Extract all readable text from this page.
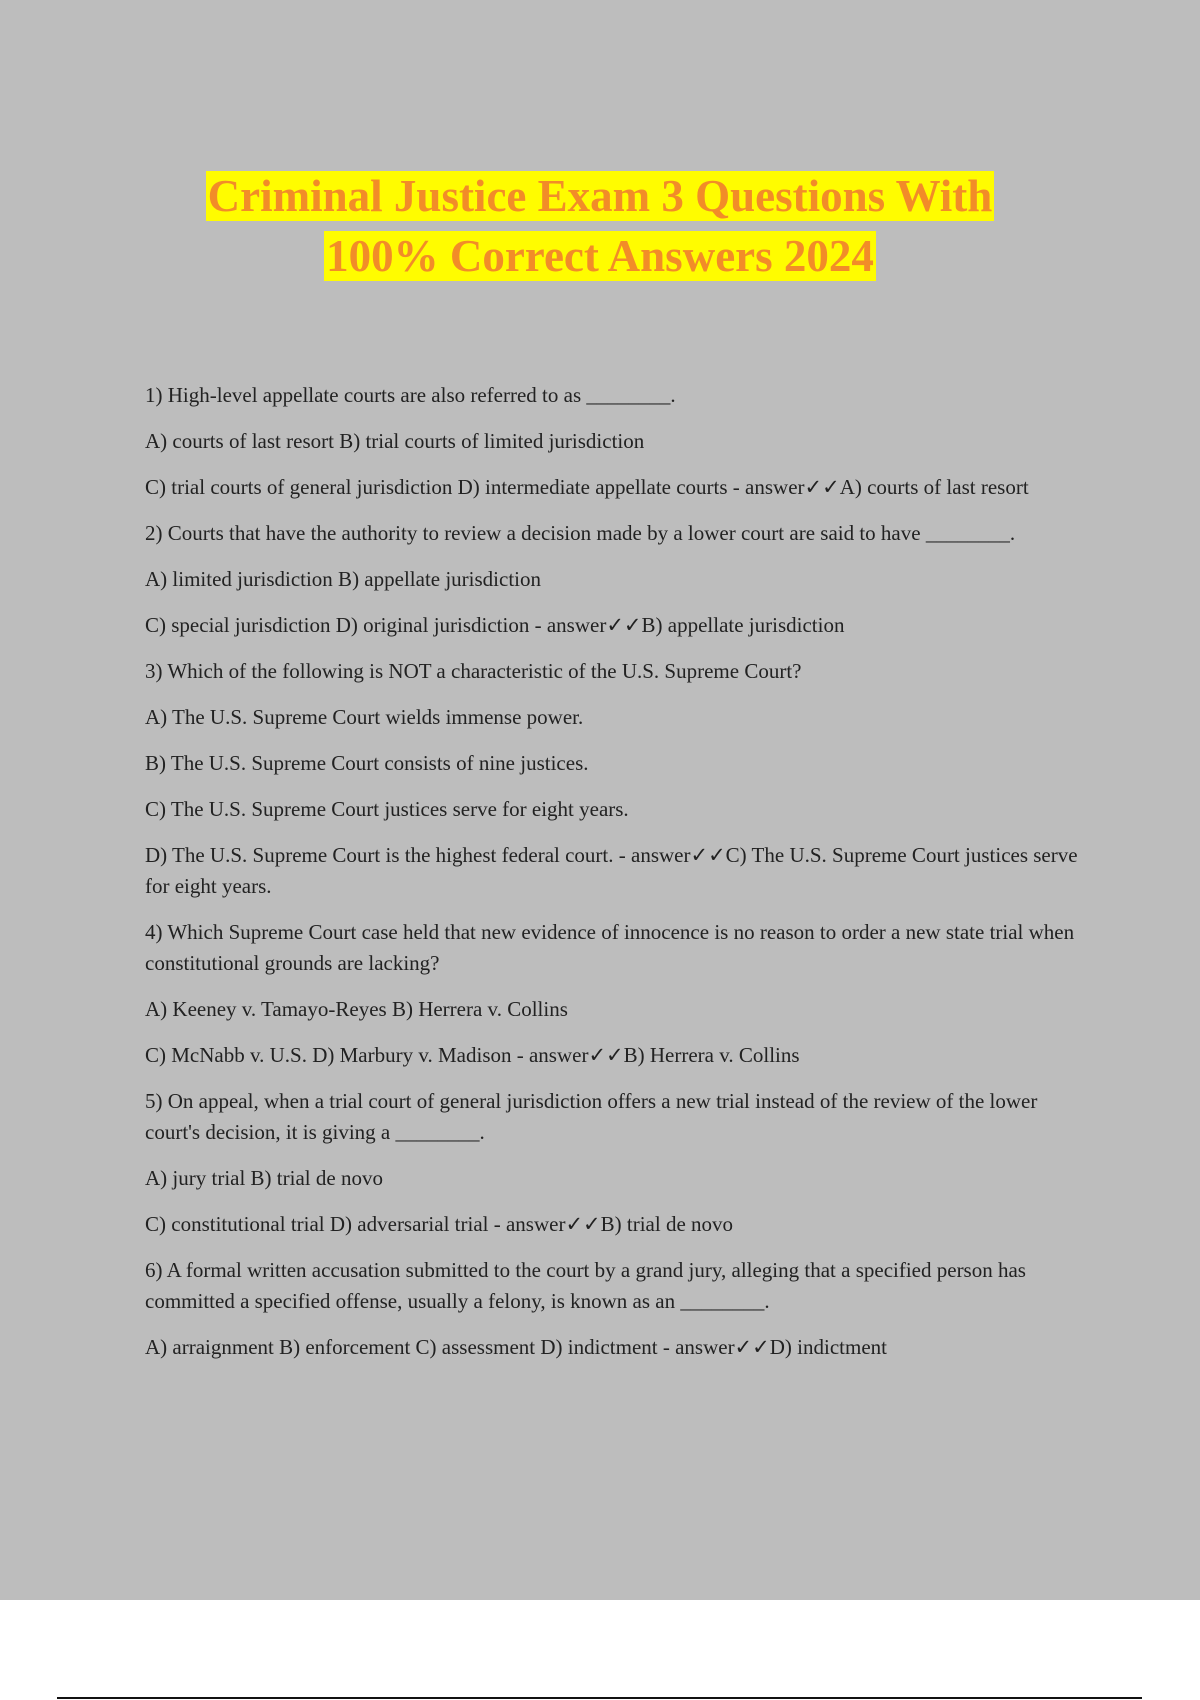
Criminal Justice Exam 3 Questions With
100% Correct Answers 2024

1) High-level appellate courts are also referred to as ________.

A) courts of last resort B) trial courts of limited jurisdiction

C) trial courts of general jurisdiction D) intermediate appellate courts - answer✓✓A) courts of last resort

2) Courts that have the authority to review a decision made by a lower court are said to have ________.

A) limited jurisdiction B) appellate jurisdiction

C) special jurisdiction D) original jurisdiction - answer✓✓B) appellate jurisdiction

3) Which of the following is NOT a characteristic of the U.S. Supreme Court?

A) The U.S. Supreme Court wields immense power.

B) The U.S. Supreme Court consists of nine justices.

C) The U.S. Supreme Court justices serve for eight years.

D) The U.S. Supreme Court is the highest federal court. - answer✓✓C) The U.S. Supreme Court justices serve for eight years.

4) Which Supreme Court case held that new evidence of innocence is no reason to order a new state trial when constitutional grounds are lacking?

A) Keeney v. Tamayo-Reyes B) Herrera v. Collins

C) McNabb v. U.S. D) Marbury v. Madison - answer✓✓B) Herrera v. Collins

5) On appeal, when a trial court of general jurisdiction offers a new trial instead of the review of the lower court's decision, it is giving a ________.

A) jury trial B) trial de novo

C) constitutional trial D) adversarial trial - answer✓✓B) trial de novo

6) A formal written accusation submitted to the court by a grand jury, alleging that a specified person has committed a specified offense, usually a felony, is known as an ________.

A) arraignment B) enforcement C) assessment D) indictment - answer✓✓D) indictment
